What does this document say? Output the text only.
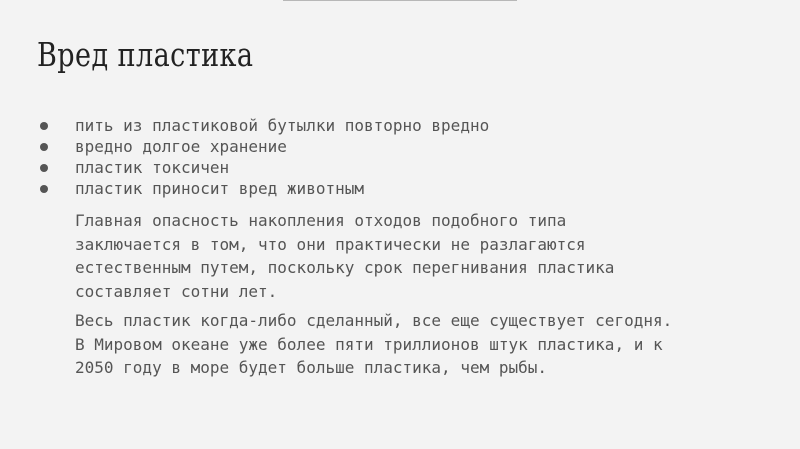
Вред пластика
пить из пластиковой бутылки повторно вредно
вредно долгое хранение
пластик токсичен
пластик приносит вред животным

Главная опасность накопления отходов подобного типа
заключается в том, что они практически не разлагаются
естественным путем, поскольку срок перегнивания пластика
составляет сотни лет.

Весь пластик когда-либо сделанный, все еще существует сегодня.
В Мировом океане уже более пяти триллионов штук пластика, и к
2050 году в море будет больше пластика, чем рыбы.
